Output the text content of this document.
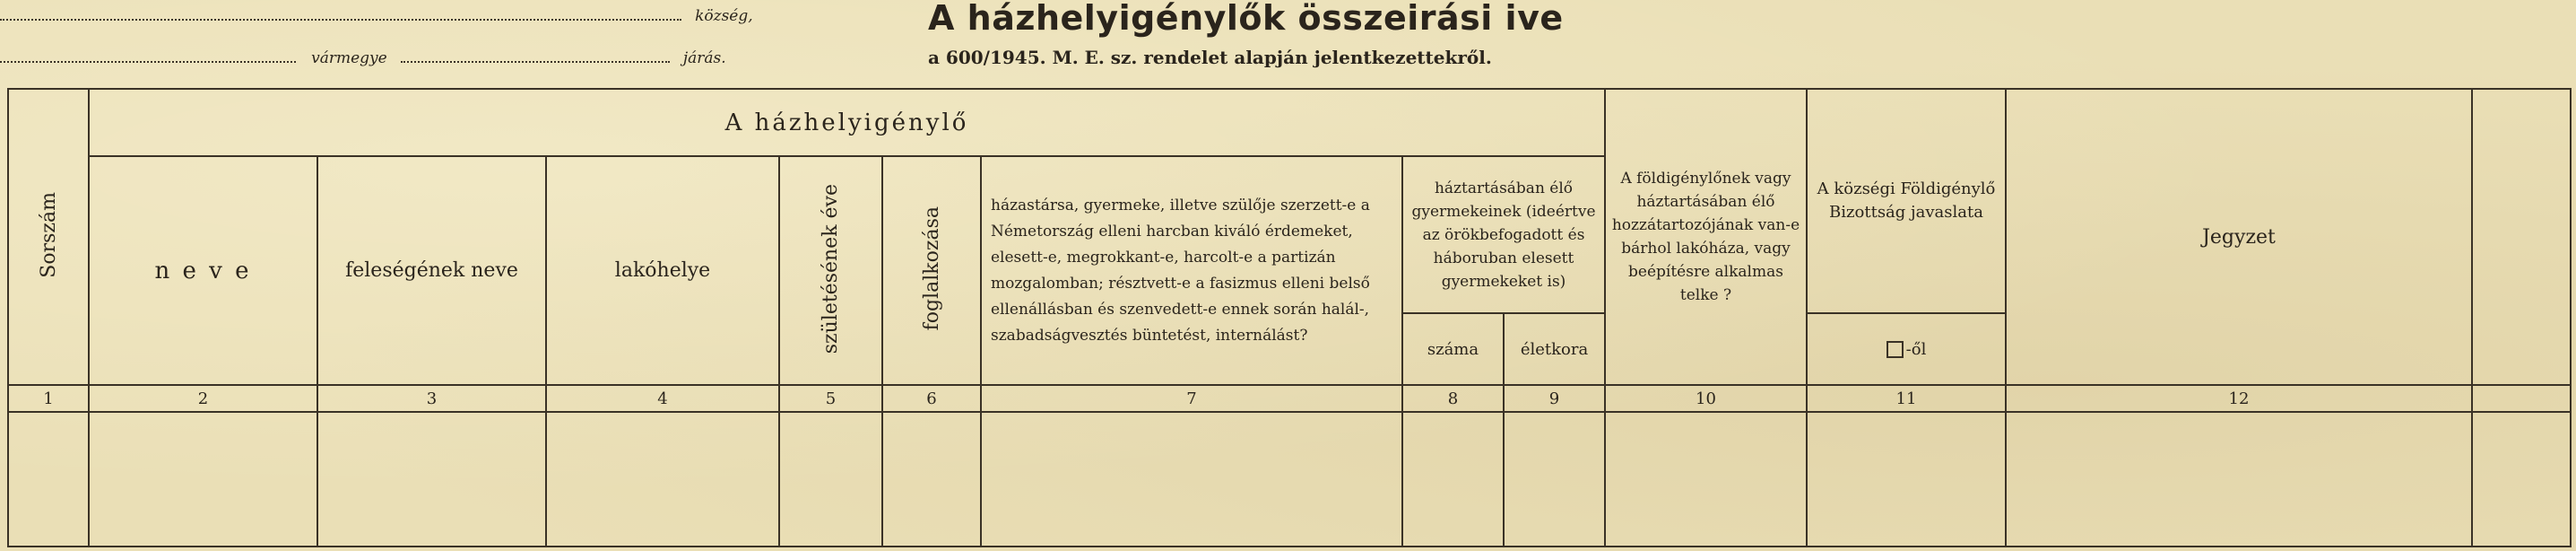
község,
vármegye	járás.
A házhelyigénylők összeirási ive
a 600/1945. M. E. sz. rendelet alapján jelentkezettekről.
Sorszám	A házhelyigénylő								A földigénylőnek vagy háztartásában élő hozzátartozójának van-e bárhol lakóháza, vagy beépítésre alkalmas telke ?	A községi Földigénylő Bizottság javaslata	Jegyzet	
	n e v e	feleségének neve	lakóhelye	születésének éve	foglalkozása	házastársa, gyermeke, illetve szülője szerzett-e a Németország elleni harcban kiváló érdemeket, elesett-e, megrokkant-e, harcolt-e a partizán mozgalomban; résztvett-e a fasizmus elleni belső ellenállásban és szenvedett-e ennek során halál-, szabadságvesztés büntetést, internálást?	háztartásában élő gyermekeinek (ideértve az örökbefogadott és háboruban elesett gyermekeket is)					

							száma	életkora		-ől		
1	2	3	4	5	6	7	8	9	10	11	12	
